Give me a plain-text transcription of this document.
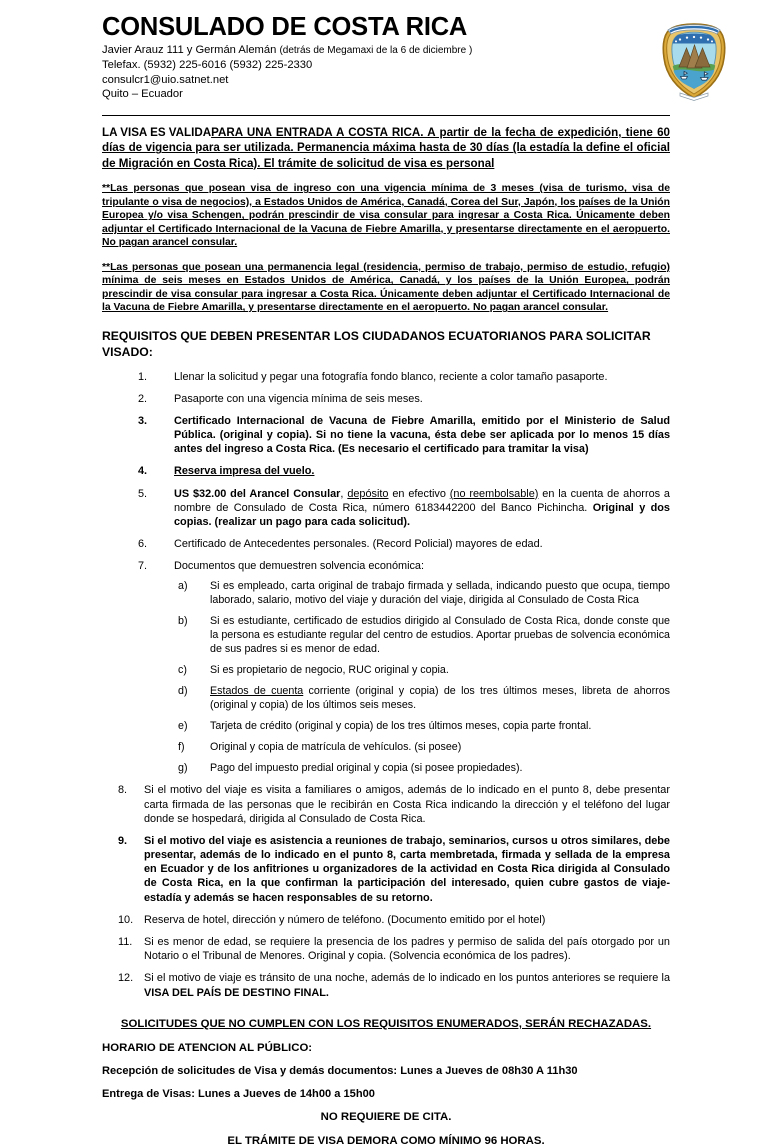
CONSULADO DE COSTA RICA
Javier Arauz 111 y Germán Alemán (detrás de Megamaxi de la 6 de diciembre )
Telefax. (5932) 225-6016 (5932) 225-2330
consulcr1@uio.satnet.net
Quito – Ecuador

LA VISA ES VALIDAPARA UNA ENTRADA A COSTA RICA. A partir de la fecha de expedición, tiene 60 días de vigencia para ser utilizada. Permanencia máxima hasta de 30 días (la estadía la define el oficial de Migración en Costa Rica). El trámite de solicitud de visa es personal

**Las personas que posean visa de ingreso con una vigencia mínima de 3 meses (visa de turismo, visa de tripulante o visa de negocios), a Estados Unidos de América, Canadá, Corea del Sur, Japón, los países de la Unión Europea y/o visa Schengen, podrán prescindir de visa consular para ingresar a Costa Rica. Únicamente deben adjuntar el Certificado Internacional de la Vacuna de Fiebre Amarilla, y presentarse directamente en el aeropuerto. No pagan arancel consular.

**Las personas que posean una permanencia legal (residencia, permiso de trabajo, permiso de estudio, refugio) mínima de seis meses en Estados Unidos de América, Canadá, y los países de la Unión Europea, podrán prescindir de visa consular para ingresar a Costa Rica. Únicamente deben adjuntar el Certificado Internacional de la Vacuna de Fiebre Amarilla, y presentarse directamente en el aeropuerto. No pagan arancel consular.

REQUISITOS QUE DEBEN PRESENTAR LOS CIUDADANOS ECUATORIANOS PARA SOLICITAR VISADO:
1.	Llenar la solicitud y pegar una fotografía fondo blanco, reciente a color tamaño pasaporte.
2.	Pasaporte con una vigencia mínima de seis meses.
3.	Certificado Internacional de Vacuna de Fiebre Amarilla, emitido por el Ministerio de Salud Pública. (original y copia). Si no tiene la vacuna, ésta debe ser aplicada por lo menos 15 días antes del ingreso a Costa Rica. (Es necesario el certificado para tramitar la visa)
4.	Reserva impresa del vuelo.
5.	US $32.00 del Arancel Consular, depósito en efectivo (no reembolsable) en la cuenta de ahorros a nombre de Consulado de Costa Rica, número 6183442200 del Banco Pichincha. Original y dos copias. (realizar un pago para cada solicitud).
6.	Certificado de Antecedentes personales. (Record Policial) mayores de edad.
7.	Documentos que demuestren solvencia económica:
a)	Si es empleado, carta original de trabajo firmada y sellada, indicando puesto que ocupa, tiempo laborado, salario, motivo del viaje y duración del viaje, dirigida al Consulado de Costa Rica
b)	Si es estudiante, certificado de estudios dirigido al Consulado de Costa Rica, donde conste que la persona es estudiante regular del centro de estudios. Aportar pruebas de solvencia económica de sus padres si es menor de edad.
c)	Si es propietario de negocio, RUC original y copia.
d)	Estados de cuenta corriente (original y copia) de los tres últimos meses, libreta de ahorros (original y copia) de los últimos seis meses.
e)	Tarjeta de crédito (original y copia) de los tres últimos meses, copia parte frontal.
f)	Original y copia de matrícula de vehículos. (si posee)
g)	Pago del impuesto predial original y copia (si posee propiedades).
8.	Si el motivo del viaje es visita a familiares o amigos, además de lo indicado en el punto 8, debe presentar carta firmada de las personas que le recibirán en Costa Rica indicando la dirección y el teléfono del lugar donde se hospedará, dirigida al Consulado de Costa Rica.
9.	Si el motivo del viaje es asistencia a reuniones de trabajo, seminarios, cursos u otros similares, debe presentar, además de lo indicado en el punto 8, carta membretada, firmada y sellada de la empresa en Ecuador y de los anfitriones u organizadores de la actividad en Costa Rica dirigida al Consulado de Costa Rica, en la que confirman la participación del interesado, quien cubre gastos de viaje-estadía y además se hacen responsables de su retorno.
10. Reserva de hotel, dirección y número de teléfono. (Documento emitido por el hotel)
11.	Si es menor de edad, se requiere la presencia de los padres y permiso de salida del país otorgado por un Notario o el Tribunal de Menores. Original y copia. (Solvencia económica de los padres).
12. Si el motivo de viaje es tránsito de una noche, además de lo indicado en los puntos anteriores se requiere la VISA DEL PAÍS DE DESTINO FINAL.
SOLICITUDES QUE NO CUMPLEN CON LOS REQUISITOS ENUMERADOS, SERÁN RECHAZADAS.
HORARIO DE ATENCION AL PÚBLICO:
Recepción de solicitudes de Visa y demás documentos: Lunes a Jueves de 08h30 A 11h30
Entrega de Visas: Lunes a Jueves de 14h00 a 15h00
NO REQUIERE DE CITA.
EL TRÁMITE DE VISA DEMORA COMO MÍNIMO 96 HORAS.
